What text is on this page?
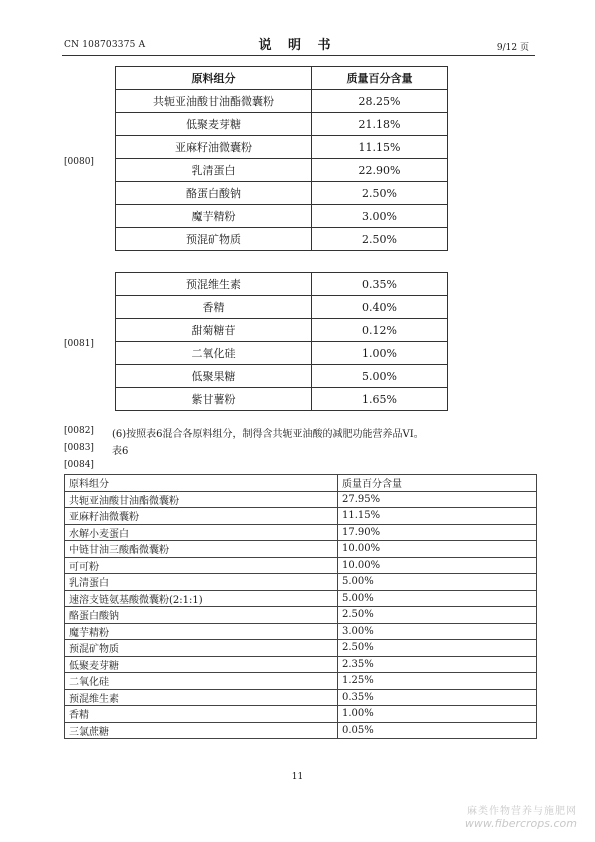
CN 108703375 A	说 明 书	9/12 页
[0080]
原料组分	质量百分含量
共轭亚油酸甘油酯微囊粉	28.25%
低聚麦芽糖	21.18%
亚麻籽油微囊粉	11.15%
乳清蛋白	22.90%
酪蛋白酸钠	2.50%
魔芋精粉	3.00%
预混矿物质	2.50%
[0081]
预混维生素	0.35%
香精	0.40%
甜菊糖苷	0.12%
二氧化硅	1.00%
低聚果糖	5.00%
紫甘薯粉	1.65%
[0082] (6)按照表6混合各原料组分，制得含共轭亚油酸的减肥功能营养品VI。
[0083] 表6
[0084]
原料组分	质量百分含量
共轭亚油酸甘油酯微囊粉	27.95%
亚麻籽油微囊粉	11.15%
水解小麦蛋白	17.90%
中链甘油三酸酯微囊粉	10.00%
可可粉	10.00%
乳清蛋白	5.00%
速溶支链氨基酸微囊粉(2:1:1)	5.00%
酪蛋白酸钠	2.50%
魔芋精粉	3.00%
预混矿物质	2.50%
低聚麦芽糖	2.35%
二氧化硅	1.25%
预混维生素	0.35%
香精	1.00%
三氯蔗糖	0.05%
11
麻类作物营养与施肥网
www.fibercrops.com
